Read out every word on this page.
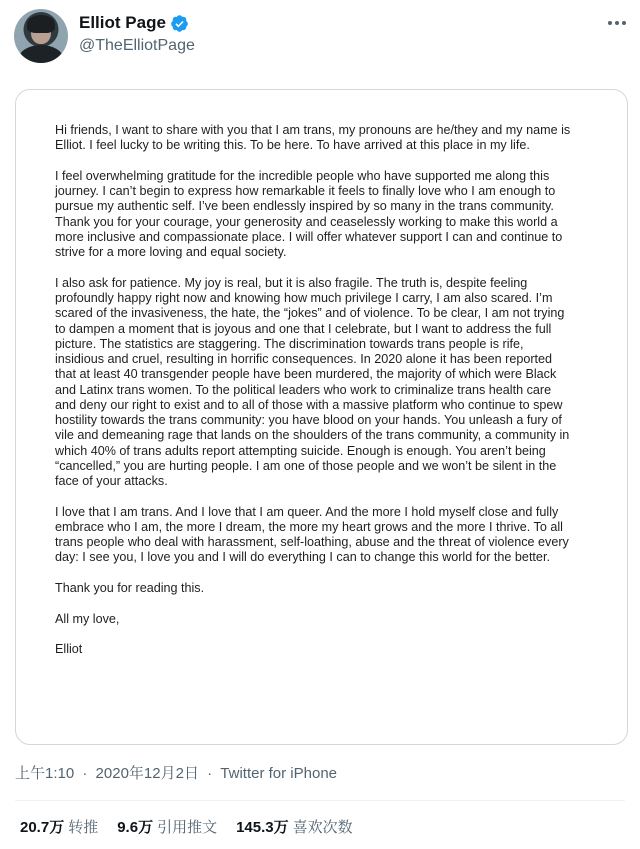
Elliot Page
@TheElliotPage

Hi friends, I want to share with you that I am trans, my pronouns are he/they and my name is Elliot. I feel lucky to be writing this. To be here. To have arrived at this place in my life.

I feel overwhelming gratitude for the incredible people who have supported me along this journey. I can’t begin to express how remarkable it feels to finally love who I am enough to pursue my authentic self. I’ve been endlessly inspired by so many in the trans community. Thank you for your courage, your generosity and ceaselessly working to make this world a more inclusive and compassionate place. I will offer whatever support I can and continue to strive for a more loving and equal society.

I also ask for patience. My joy is real, but it is also fragile. The truth is, despite feeling profoundly happy right now and knowing how much privilege I carry, I am also scared. I’m scared of the invasiveness, the hate, the “jokes” and of violence. To be clear, I am not trying to dampen a moment that is joyous and one that I celebrate, but I want to address the full picture. The statistics are staggering. The discrimination towards trans people is rife, insidious and cruel, resulting in horrific consequences. In 2020 alone it has been reported that at least 40 transgender people have been murdered, the majority of which were Black and Latinx trans women. To the political leaders who work to criminalize trans health care and deny our right to exist and to all of those with a massive platform who continue to spew hostility towards the trans community: you have blood on your hands. You unleash a fury of vile and demeaning rage that lands on the shoulders of the trans community, a community in which 40% of trans adults report attempting suicide. Enough is enough. You aren’t being “cancelled,” you are hurting people. I am one of those people and we won’t be silent in the face of your attacks.

I love that I am trans. And I love that I am queer. And the more I hold myself close and fully embrace who I am, the more I dream, the more my heart grows and the more I thrive. To all trans people who deal with harassment, self-loathing, abuse and the threat of violence every day: I see you, I love you and I will do everything I can to change this world for the better.

Thank you for reading this.

All my love,

Elliot

上午1:10 · 2020年12月2日 · Twitter for iPhone
20.7万 转推 9.6万 引用推文 145.3万 喜欢次数
